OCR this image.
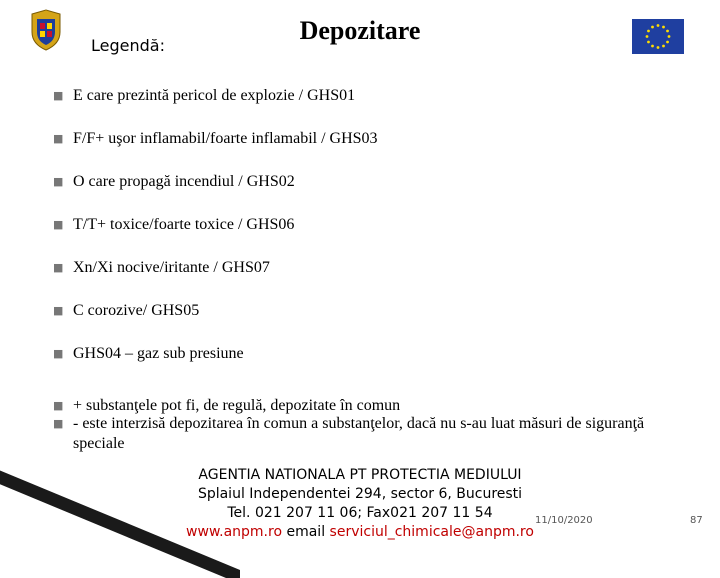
Legendă:
Depozitare
■ E care prezintă pericol de explozie / GHS01
■ F/F+ uşor inflamabil/foarte inflamabil / GHS03
■ O care propagă incendiul / GHS02
■ T/T+ toxice/foarte toxice / GHS06
■ Xn/Xi nocive/iritante / GHS07
■ C corozive/ GHS05
■ GHS04 – gaz sub presiune
■ + substanţele pot fi, de regulă, depozitate în comun
■ - este interzisă depozitarea în comun a substanţelor, dacă nu s-au luat măsuri de siguranţă speciale
AGENTIA NATIONALA PT PROTECTIA MEDIULUI
Splaiul Independentei 294, sector 6, Bucuresti
Tel. 021 207 11 06; Fax021 207 11 54
www.anpm.ro email serviciul_chimicale@anpm.ro
11/10/2020	87
